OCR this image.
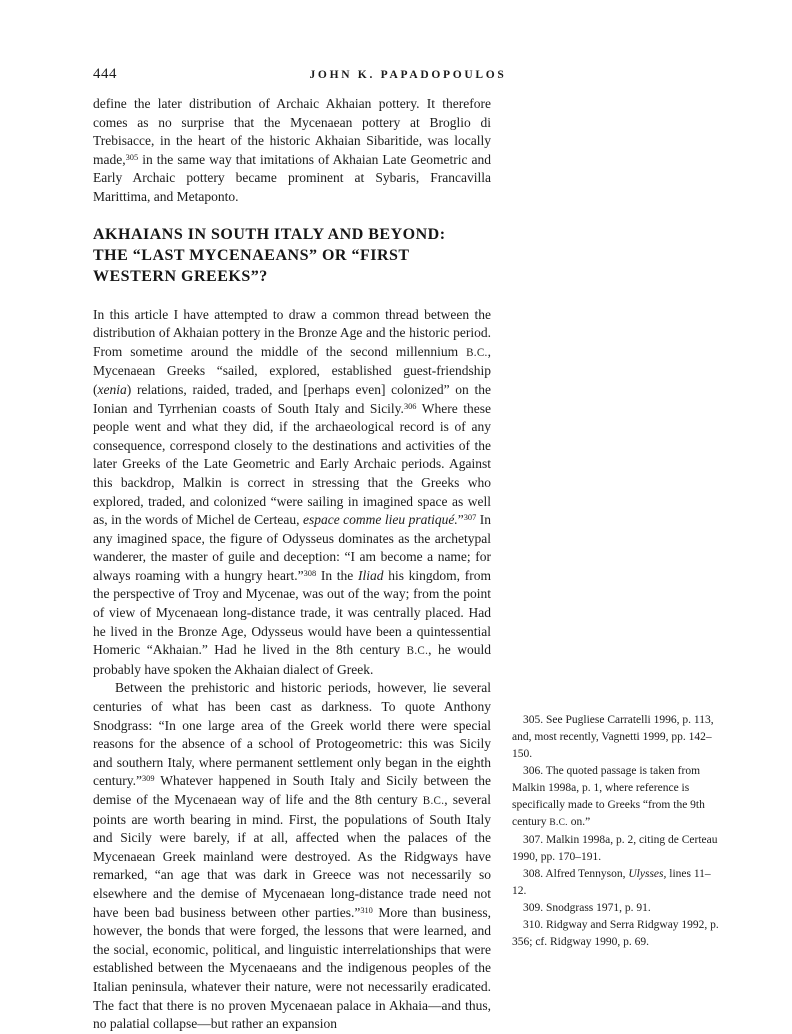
444	JOHN K. PAPADOPOULOS

define the later distribution of Archaic Akhaian pottery. It therefore comes as no surprise that the Mycenaean pottery at Broglio di Trebisacce, in the heart of the historic Akhaian Sibaritide, was locally made,$^{305}$ in the same way that imitations of Akhaian Late Geometric and Early Archaic pottery became prominent at Sybaris, Francavilla Marittima, and Metaponto.

AKHAIANS IN SOUTH ITALY AND BEYOND:
THE “LAST MYCENAEANS” OR “FIRST
WESTERN GREEKS”?

In this article I have attempted to draw a common thread between the distribution of Akhaian pottery in the Bronze Age and the historic period. From sometime around the middle of the second millennium B.C., Mycenaean Greeks “sailed, explored, established guest-friendship (xenia) relations, raided, traded, and [perhaps even] colonized” on the Ionian and Tyrrhenian coasts of South Italy and Sicily.$^{306}$ Where these people went and what they did, if the archaeological record is of any consequence, correspond closely to the destinations and activities of the later Greeks of the Late Geometric and Early Archaic periods. Against this backdrop, Malkin is correct in stressing that the Greeks who explored, traded, and colonized “were sailing in imagined space as well as, in the words of Michel de Certeau, espace comme lieu pratiqué.”$^{307}$ In any imagined space, the figure of Odysseus dominates as the archetypal wanderer, the master of guile and deception: “I am become a name; for always roaming with a hungry heart.”$^{308}$ In the Iliad his kingdom, from the perspective of Troy and Mycenae, was out of the way; from the point of view of Mycenaean long-distance trade, it was centrally placed. Had he lived in the Bronze Age, Odysseus would have been a quintessential Homeric “Akhaian.” Had he lived in the 8th century B.C., he would probably have spoken the Akhaian dialect of Greek.

Between the prehistoric and historic periods, however, lie several centuries of what has been cast as darkness. To quote Anthony Snodgrass: “In one large area of the Greek world there were special reasons for the absence of a school of Protogeometric: this was Sicily and southern Italy, where permanent settlement only began in the eighth century.”$^{309}$ Whatever happened in South Italy and Sicily between the demise of the Mycenaean way of life and the 8th century B.C., several points are worth bearing in mind. First, the populations of South Italy and Sicily were barely, if at all, affected when the palaces of the Mycenaean Greek mainland were destroyed. As the Ridgways have remarked, “an age that was dark in Greece was not necessarily so elsewhere and the demise of Mycenaean long-distance trade need not have been bad business between other parties.”$^{310}$ More than business, however, the bonds that were forged, the lessons that were learned, and the social, economic, political, and linguistic interrelationships that were established between the Mycenaeans and the indigenous peoples of the Italian peninsula, whatever their nature, were not necessarily eradicated. The fact that there is no proven Mycenaean palace in Akhaia—and thus, no palatial collapse—but rather an expansion

305. See Pugliese Carratelli 1996, p. 113, and, most recently, Vagnetti 1999, pp. 142–150.

306. The quoted passage is taken from Malkin 1998a, p. 1, where reference is specifically made to Greeks “from the 9th century B.C. on.”

307. Malkin 1998a, p. 2, citing de Certeau 1990, pp. 170–191.

308. Alfred Tennyson, Ulysses, lines 11–12.

309. Snodgrass 1971, p. 91.

310. Ridgway and Serra Ridgway 1992, p. 356; cf. Ridgway 1990, p. 69.
